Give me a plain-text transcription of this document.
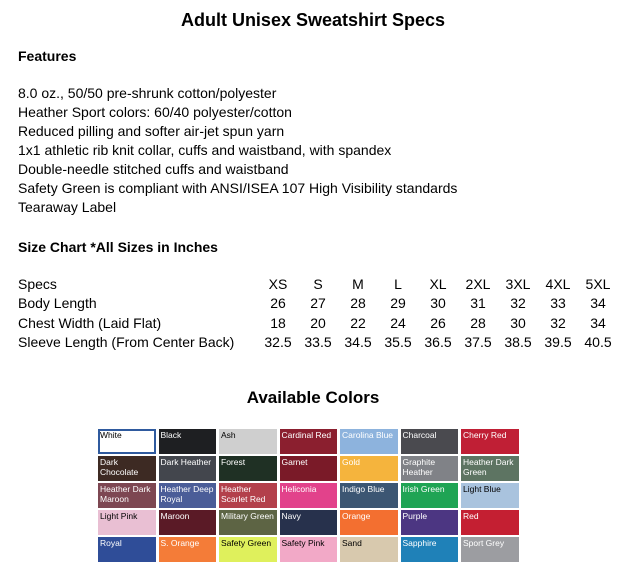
Adult Unisex Sweatshirt Specs
Features
8.0 oz., 50/50 pre-shrunk cotton/polyester
Heather Sport colors: 60/40 polyester/cotton
Reduced pilling and softer air-jet spun yarn
1x1 athletic rib knit collar, cuffs and waistband, with spandex
Double-needle stitched cuffs and waistband
Safety Green is compliant with ANSI/ISEA 107 High Visibility standards
Tearaway Label
Size Chart *All Sizes in Inches
Specs	XS	S	M	L	XL	2XL	3XL	4XL	5XL
Body Length	26	27	28	29	30	31	32	33	34
Chest Width (Laid Flat)	18	20	22	24	26	28	30	32	34
Sleeve Length (From Center Back)	32.5	33.5	34.5	35.5	36.5	37.5	38.5	39.5	40.5
Available Colors
White	Black	Ash	Cardinal Red	Carolina Blue Charcoal	Cherry Red
Dark Chocolate
Dark Heather	Forest	Garnet	Gold	Graphite Heather
Heather Dark Green
Heather Dark Maroon
Heather Deep Royal
Heather Scarlet Red
Heliconia	Indigo Blue	Irish Green	Light Blue
Light Pink	Maroon	Military Green Navy	Orange	Purple	Red
Royal	S. Orange	Safety Green	Safety Pink	Sand	Sapphire	Sport Grey
